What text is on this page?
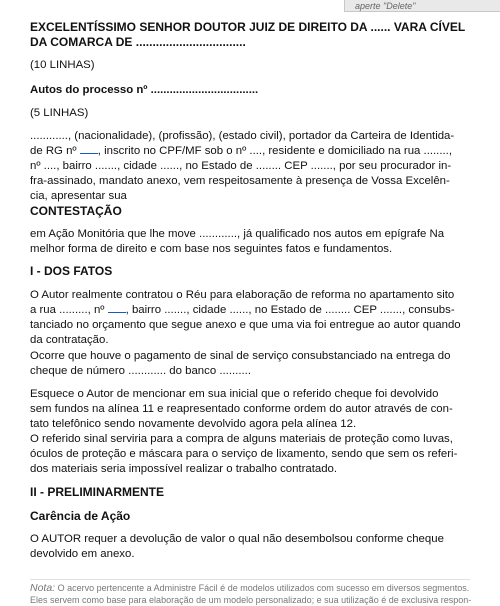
aperte "Delete"
EXCELENTÍSSIMO SENHOR DOUTOR JUIZ DE DIREITO DA ...... VARA CÍVEL
DA COMARCA DE .................................
(10 LINHAS)
Autos do processo nº ..................................
(5 LINHAS)
............, (nacionalidade), (profissão), (estado civil), portador da Carteira de Identida-
de RG nº , inscrito no CPF/MF sob o nº ...., residente e domiciliado na rua ........,
nº ...., bairro ......., cidade ......, no Estado de ........ CEP ......., por seu procurador in-
fra-assinado, mandato anexo, vem respeitosamente à presença de Vossa Excelên-
cia, apresentar sua
CONTESTAÇÃO
em Ação Monitória que lhe move ............, já qualificado nos autos em epígrafe Na
melhor forma de direito e com base nos seguintes fatos e fundamentos.
I - DOS FATOS
O Autor realmente contratou o Réu para elaboração de reforma no apartamento sito
a rua ........., nº , bairro ......., cidade ......, no Estado de ........ CEP ......., consubs-
tanciado no orçamento que segue anexo e que uma via foi entregue ao autor quando
da contratação.
Ocorre que houve o pagamento de sinal de serviço consubstanciado na entrega do
cheque de número ............ do banco ..........
Esquece o Autor de mencionar em sua inicial que o referido cheque foi devolvido
sem fundos na alínea 11 e reapresentado conforme ordem do autor através de con-
tato telefônico sendo novamente devolvido agora pela alínea 12.
O referido sinal serviria para a compra de alguns materiais de proteção como luvas,
óculos de proteção e máscara para o serviço de lixamento, sendo que sem os referi-
dos materiais seria impossível realizar o trabalho contratado.
II - PRELIMINARMENTE
Carência de Ação
O AUTOR requer a devolução de valor o qual não desembolsou conforme cheque
devolvido em anexo.
Nota: O acervo pertencente a Administre Fácil é de modelos utilizados com sucesso em diversos segmentos.
Eles servem como base para elaboração de um modelo personalizado; e sua utilização é de exclusiva respon-
